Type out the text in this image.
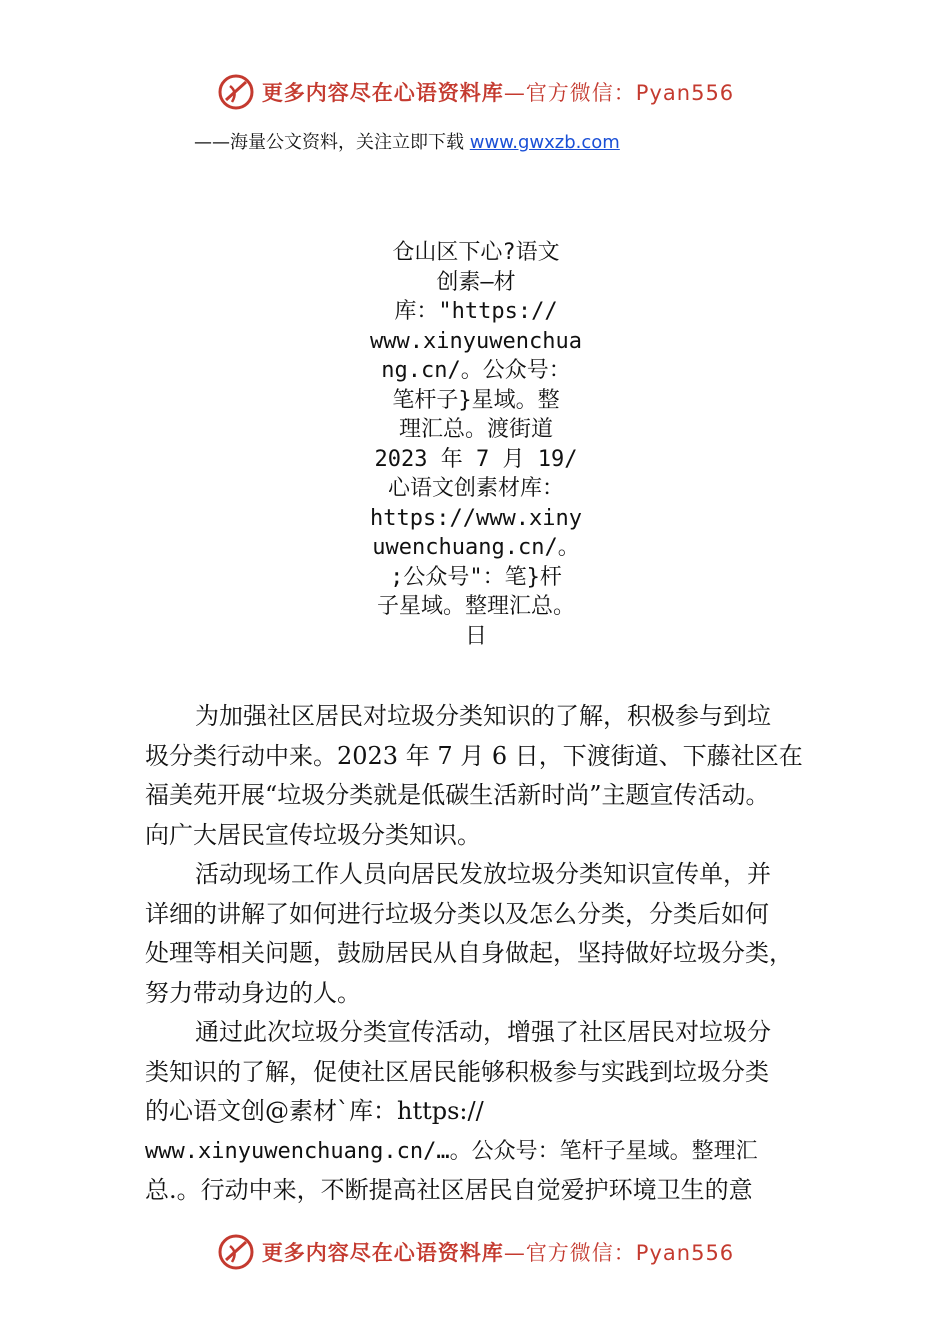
更多内容尽在心语资料库 —官方微信：Pyan556
——海量公文资料，关注立即下载 www.gwxzb.com
仓山区下心?语文
创素—材
库："https://
www.xinyuwenchua
ng.cn/。公众号：
笔杆子}星域。整
理汇总。渡街道
2023 年 7 月 19/
心语文创素材库：
https://www.xiny
uwenchuang.cn/。
;公众号"：笔}杆
子星域。整理汇总。
日
为加强社区居民对垃圾分类知识的了解，积极参与到垃
圾分类行动中来。2023 年 7 月 6 日，下渡街道、下藤社区在
福美苑开展“垃圾分类就是低碳生活新时尚”主题宣传活动。
向广大居民宣传垃圾分类知识。
活动现场工作人员向居民发放垃圾分类知识宣传单，并
详细的讲解了如何进行垃圾分类以及怎么分类，分类后如何
处理等相关问题，鼓励居民从自身做起，坚持做好垃圾分类，
努力带动身边的人。
通过此次垃圾分类宣传活动，增强了社区居民对垃圾分
类知识的了解，促使社区居民能够积极参与实践到垃圾分类
的心语文创@素材`库：https://
www.xinyuwenchuang.cn/…。公众号：笔杆子星域。整理汇
总.。行动中来，不断提高社区居民自觉爱护环境卫生的意
更多内容尽在心语资料库 —官方微信：Pyan556
